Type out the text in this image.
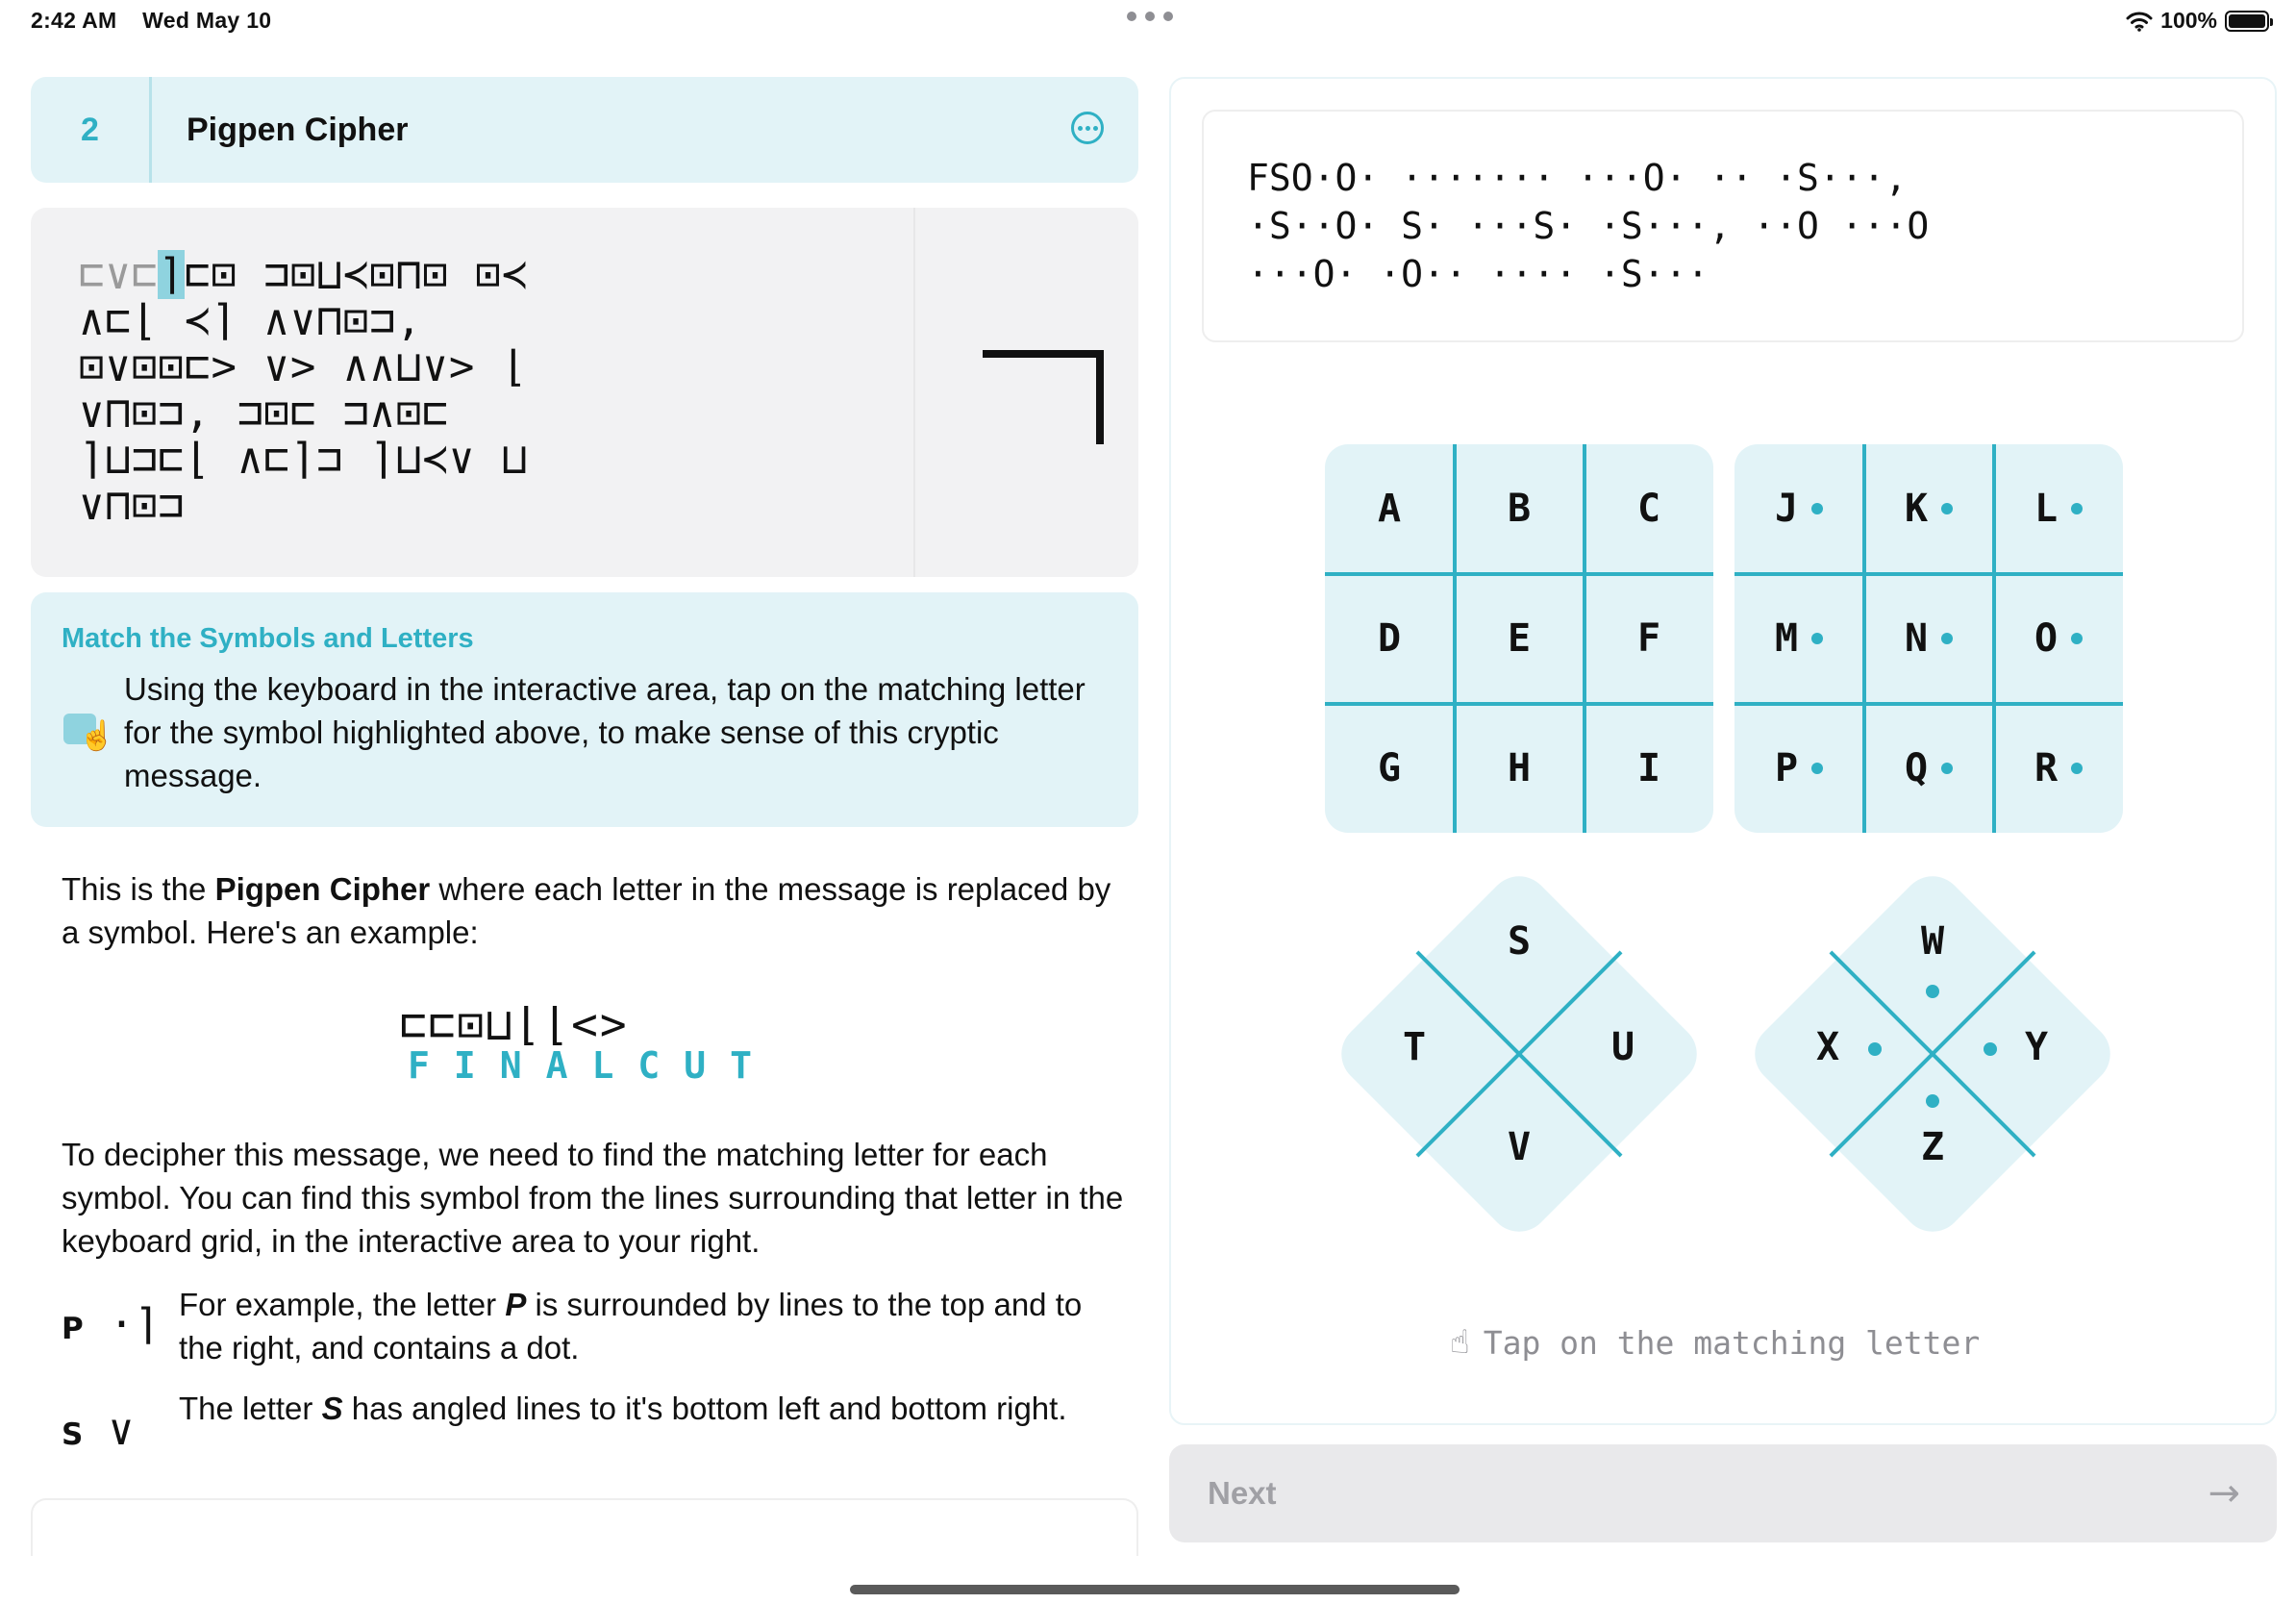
2:42 AM Wed May 10	100%
2	Pigpen Cipher
⊏∨⊏⌉⊏⊡ ⊐⊡⊔≺⊡⊓⊡ ⊡≺
∧⊏⌊ ≺⌉ ∧∨⊓⊡⊐,
⊡∨⊡⊡⊏> ∨> ∧∧⊔∨> ⌊
∨⊓⊡⊐, ⊐⊡⊏ ⊐∧⊡⊏
⌉⊔⊐⊏⌊ ∧⊏⌉⊐ ⌉⊔≺∨ ⊔
∨⊓⊡⊐
Match the Symbols and Letters
☝
Using the keyboard in the interactive area, tap on the matching letter for the symbol highlighted above, to make sense of this cryptic message.
This is the Pigpen Cipher where each letter in the message is replaced by a symbol. Here's an example:
⊏⊏⊡⊔⌊⌊<>
FINALCUT
To decipher this message, we need to find the matching letter for each symbol. You can find this symbol from the lines surrounding that letter in the keyboard grid, in the interactive area to your right.
P ·⌉ For example, the letter P is surrounded by lines to the top and to the right, and contains a dot.
S ∨ The letter S has angled lines to it's bottom left and bottom right.
FSO·O· ······· ···O· ·· ·S···,
·S··O· S· ···S· ·S···, ··O ···O
···O· ·O·· ···· ·S···
A	B	C
D	E	F
G	H	I
J	K	L
M	N	O
P	Q	R
S
T	U
V
W
X	Y
Z
☝ Tap on the matching letter
Next	→
